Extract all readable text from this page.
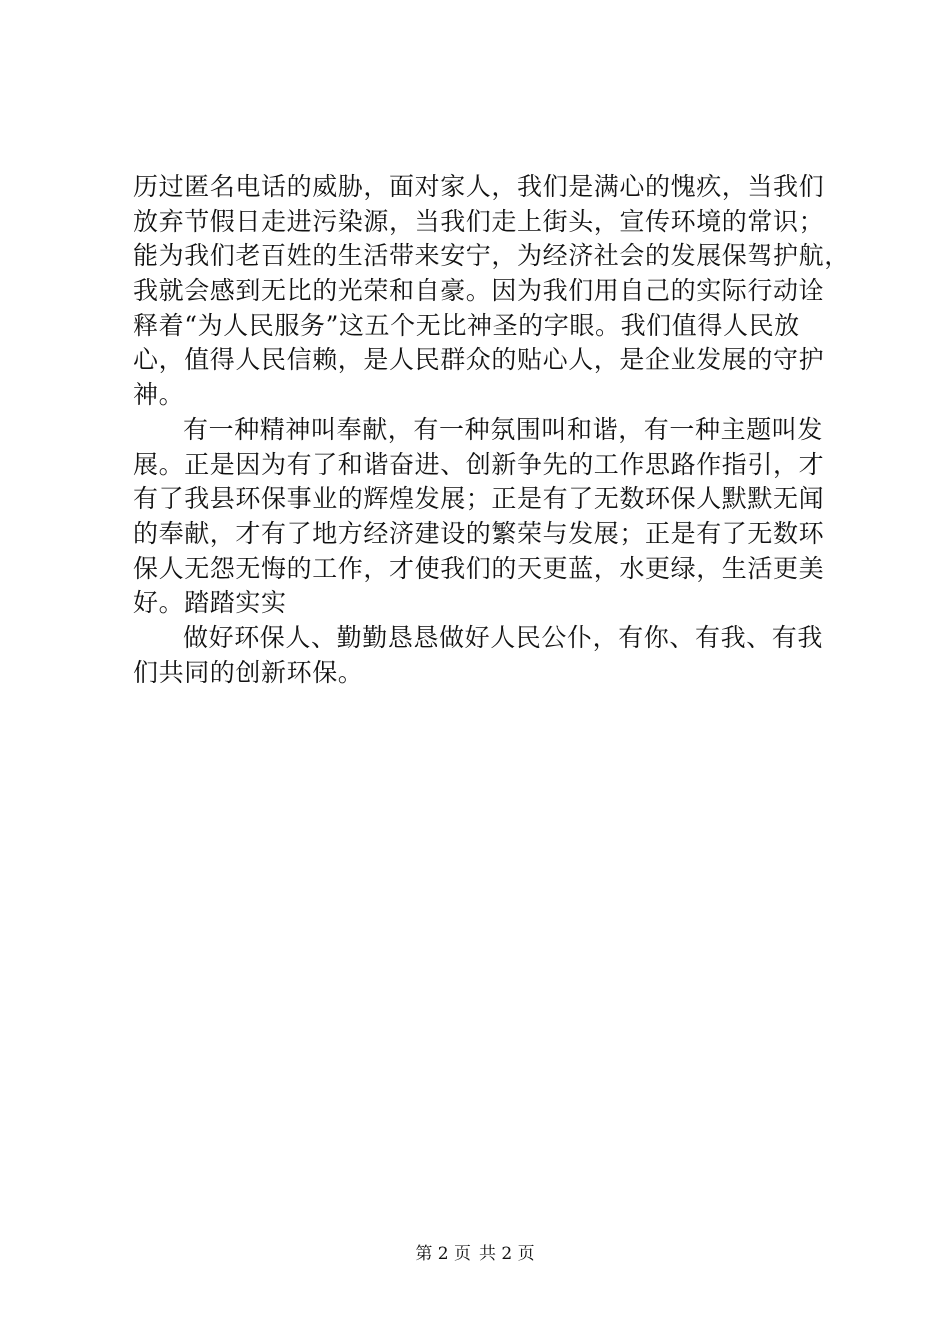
历过匿名电话的威胁，面对家人，我们是满心的愧疚，当我们
放弃节假日走进污染源，当我们走上街头，宣传环境的常识；
能为我们老百姓的生活带来安宁，为经济社会的发展保驾护航，
我就会感到无比的光荣和自豪。因为我们用自己的实际行动诠
释着“为人民服务”这五个无比神圣的字眼。我们值得人民放
心，值得人民信赖，是人民群众的贴心人，是企业发展的守护
神。
有一种精神叫奉献，有一种氛围叫和谐，有一种主题叫发
展。正是因为有了和谐奋进、创新争先的工作思路作指引，才
有了我县环保事业的辉煌发展；正是有了无数环保人默默无闻
的奉献，才有了地方经济建设的繁荣与发展；正是有了无数环
保人无怨无悔的工作，才使我们的天更蓝，水更绿，生活更美
好。踏踏实实
做好环保人、勤勤恳恳做好人民公仆，有你、有我、有我
们共同的创新环保。
第 2 页 共 2 页
